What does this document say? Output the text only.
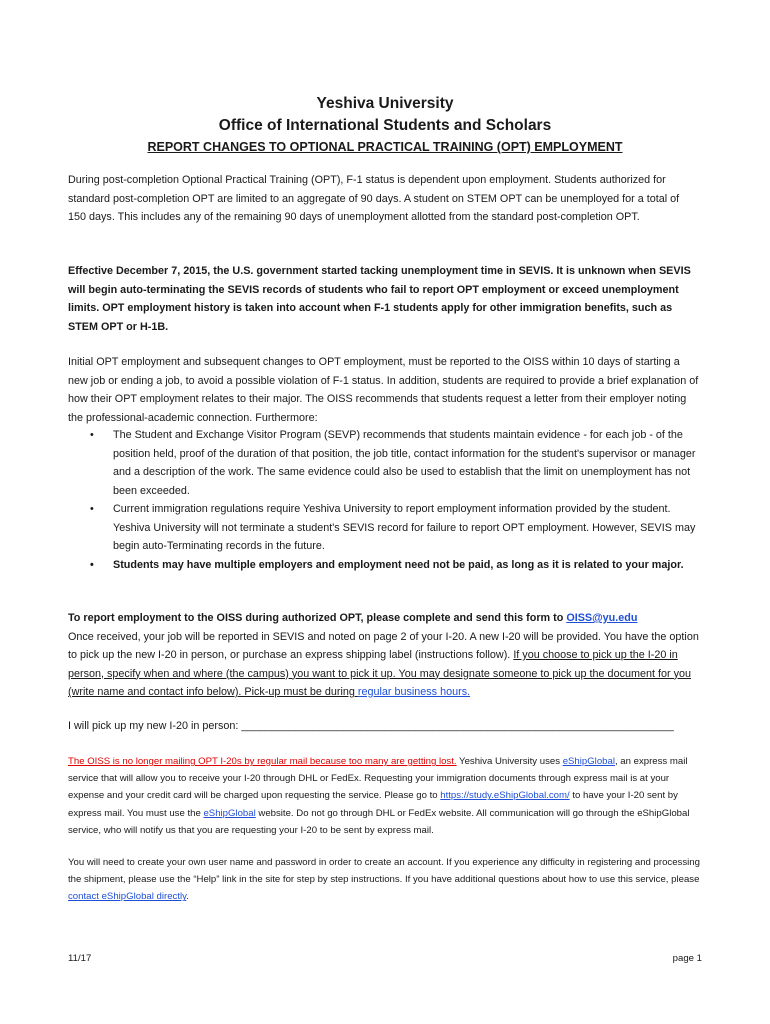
Yeshiva University
Office of International Students and Scholars
REPORT CHANGES TO OPTIONAL PRACTICAL TRAINING (OPT) EMPLOYMENT

During post-completion Optional Practical Training (OPT), F-1 status is dependent upon employment. Students authorized for standard post-completion OPT are limited to an aggregate of 90 days. A student on STEM OPT can be unemployed for a total of 150 days. This includes any of the remaining 90 days of unemployment allotted from the standard post-completion OPT.

Effective December 7, 2015, the U.S. government started tacking unemployment time in SEVIS. It is unknown when SEVIS will begin auto-terminating the SEVIS records of students who fail to report OPT employment or exceed unemployment limits. OPT employment history is taken into account when F-1 students apply for other immigration benefits, such as STEM OPT or H-1B.

Initial OPT employment and subsequent changes to OPT employment, must be reported to the OISS within 10 days of starting a new job or ending a job, to avoid a possible violation of F-1 status. In addition, students are required to provide a brief explanation of how their OPT employment relates to their major. The OISS recommends that students request a letter from their employer noting the professional-academic connection. Furthermore:

• The Student and Exchange Visitor Program (SEVP) recommends that students maintain evidence - for each job - of the position held, proof of the duration of that position, the job title, contact information for the student's supervisor or manager and a description of the work. The same evidence could also be used to establish that the limit on unemployment has not been exceeded.
• Current immigration regulations require Yeshiva University to report employment information provided by the student. Yeshiva University will not terminate a student's SEVIS record for failure to report OPT employment. However, SEVIS may begin auto-Terminating records in the future.
• Students may have multiple employers and employment need not be paid, as long as it is related to your major.

To report employment to the OISS during authorized OPT, please complete and send this form to OISS@yu.edu
Once received, your job will be reported in SEVIS and noted on page 2 of your I-20. A new I-20 will be provided. You have the option to pick up the new I-20 in person, or purchase an express shipping label (instructions follow). If you choose to pick up the I-20 in person, specify when and where (the campus) you want to pick it up. You may designate someone to pick up the document for you (write name and contact info below). Pick-up must be during regular business hours.

I will pick up my new I-20 in person: ________________________________________________________________________

The OISS is no longer mailing OPT I-20s by regular mail because too many are getting lost. Yeshiva University uses eShipGlobal, an express mail service that will allow you to receive your I-20 through DHL or FedEx. Requesting your immigration documents through express mail is at your expense and your credit card will be charged upon requesting the service. Please go to https://study.eShipGlobal.com/ to have your I-20 sent by express mail. You must use the eShipGlobal website. Do not go through DHL or FedEx website. All communication will go through the eShipGlobal service, who will notify us that you are requesting your I-20 to be sent by express mail.

You will need to create your own user name and password in order to create an account. If you experience any difficulty in registering and processing the shipment, please use the “Help” link in the site for step by step instructions. If you have additional questions about how to use this service, please contact eShipGlobal directly.

11/17	page 1
